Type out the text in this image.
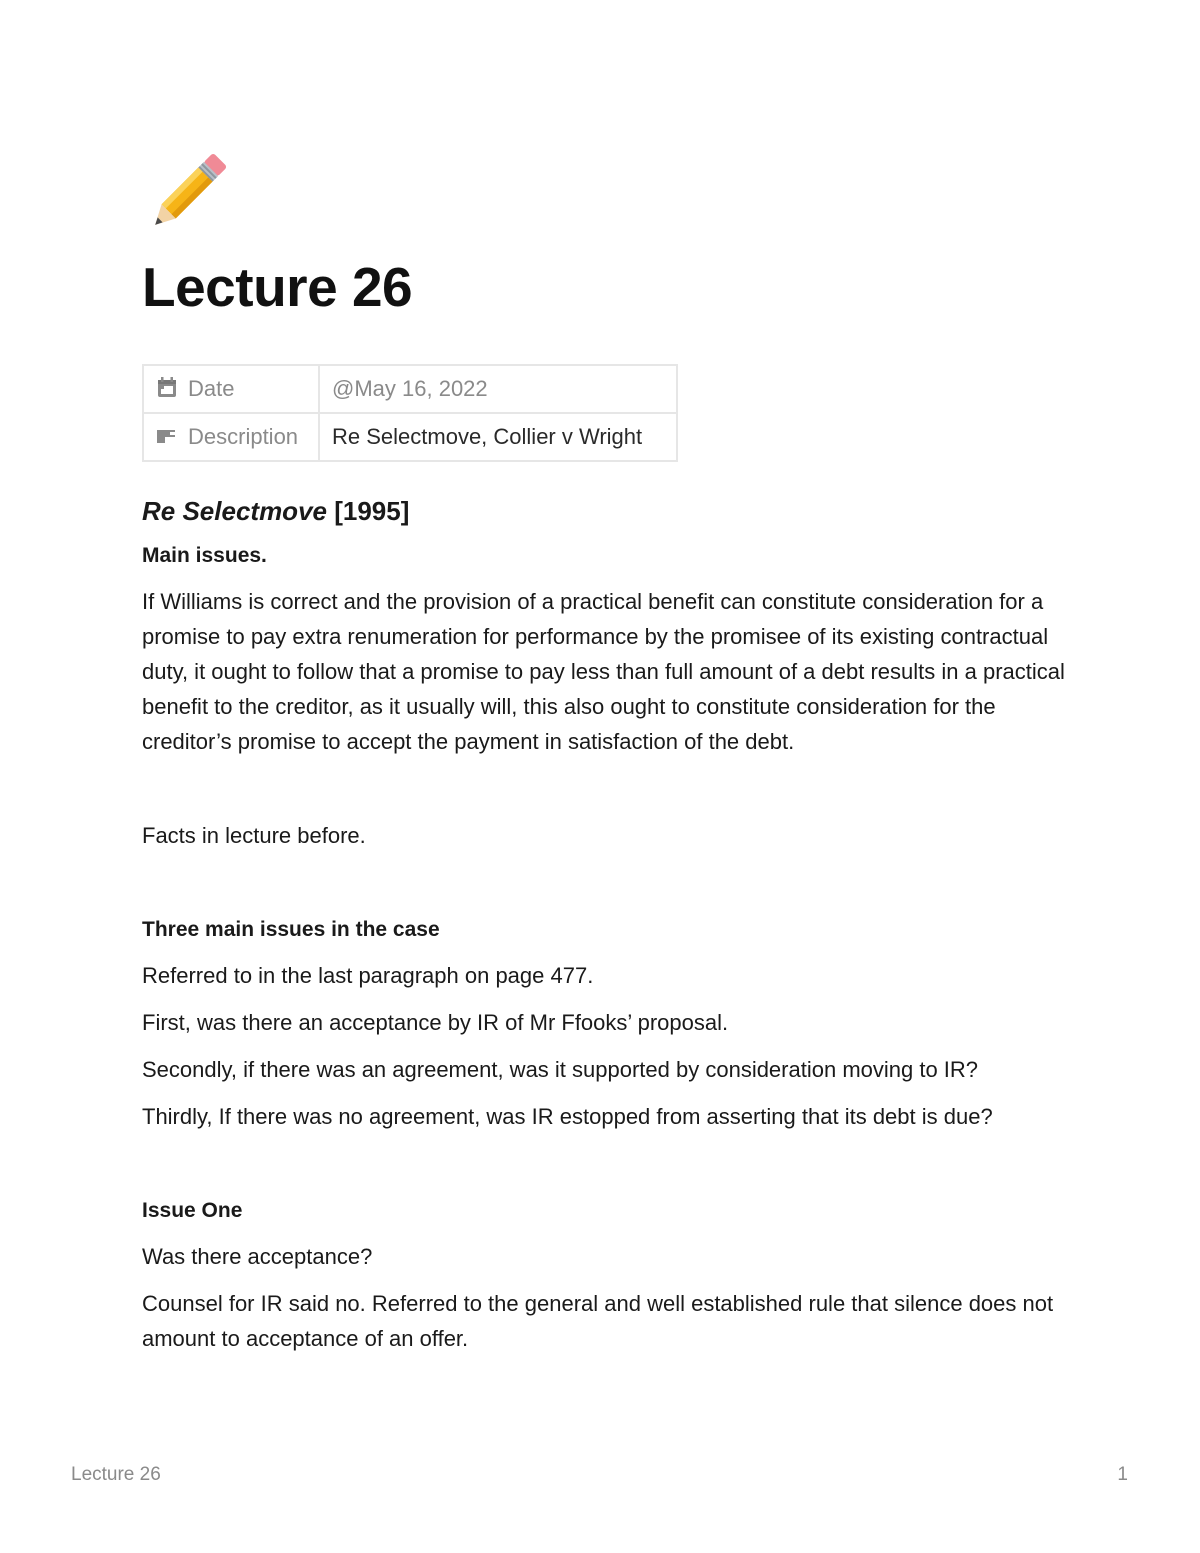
Lecture 26
Date	@May 16, 2022
Description	Re Selectmove, Collier v Wright
Re Selectmove [1995]

Main issues.

If Williams is correct and the provision of a practical benefit can constitute consideration for a promise to pay extra renumeration for performance by the promisee of its existing contractual duty, it ought to follow that a promise to pay less than full amount of a debt results in a practical benefit to the creditor, as it usually will, this also ought to constitute consideration for the creditor’s promise to accept the payment in satisfaction of the debt.

Facts in lecture before.

Three main issues in the case

Referred to in the last paragraph on page 477.

First, was there an acceptance by IR of Mr Ffooks’ proposal.

Secondly, if there was an agreement, was it supported by consideration moving to IR?

Thirdly, If there was no agreement, was IR estopped from asserting that its debt is due?

Issue One

Was there acceptance?

Counsel for IR said no. Referred to the general and well established rule that silence does not amount to acceptance of an offer.

Lecture 26	1
